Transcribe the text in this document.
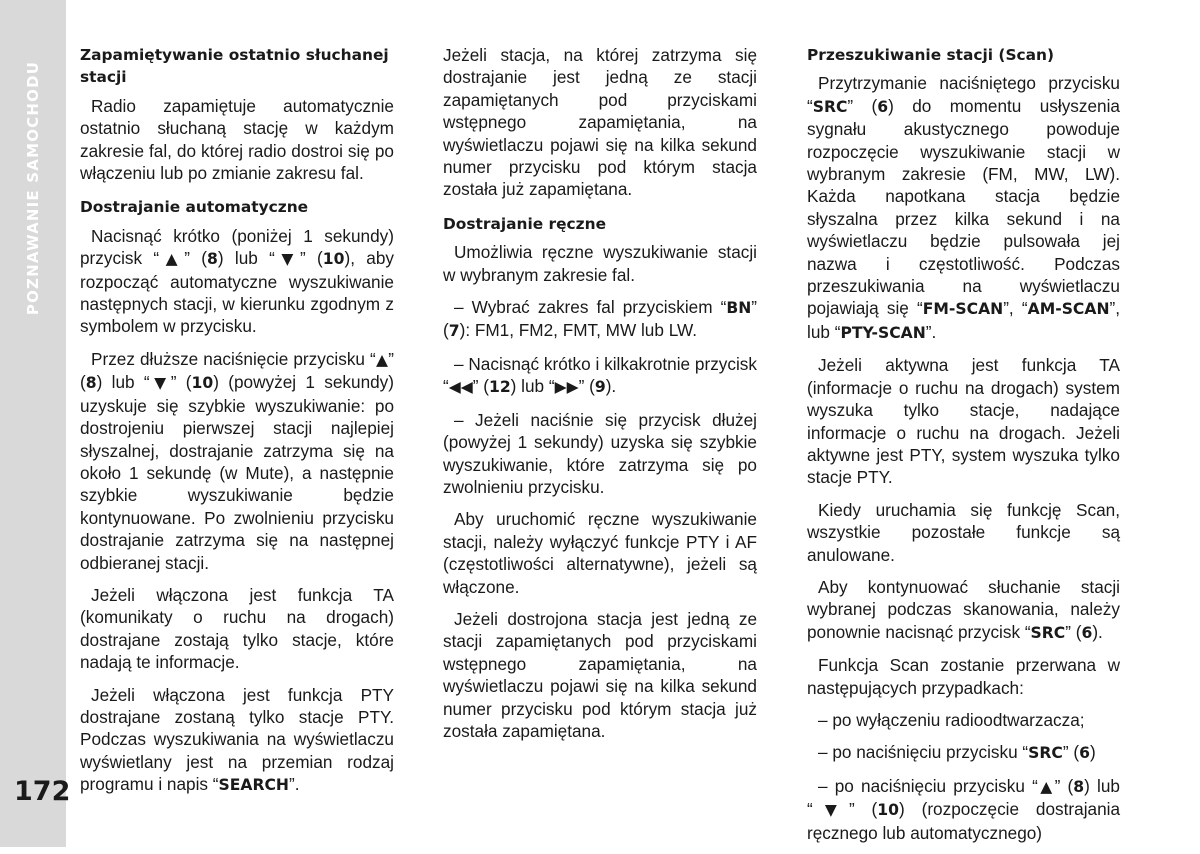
POZNAWANIE SAMOCHODU
172
Zapamiętywanie ostatnio słuchanej stacji

Radio zapamiętuje automatycznie ostatnio słuchaną stację w każdym zakresie fal, do której radio dostroi się po włączeniu lub po zmianie zakresu fal.

Dostrajanie automatyczne

Nacisnąć krótko (poniżej 1 sekundy) przycisk “▲” (8) lub “▼” (10), aby rozpocząć automatyczne wyszukiwanie następnych stacji, w kierunku zgodnym z symbolem w przycisku.

Przez dłuższe naciśnięcie przycisku “▲” (8) lub “▼” (10) (powyżej 1 sekundy) uzyskuje się szybkie wyszukiwanie: po dostrojeniu pierwszej stacji najlepiej słyszalnej, dostrajanie zatrzyma się na około 1 sekundę (w Mute), a następnie szybkie wyszukiwanie będzie kontynuowane. Po zwolnieniu przycisku dostrajanie zatrzyma się na następnej odbieranej stacji.

Jeżeli włączona jest funkcja TA (komunikaty o ruchu na drogach) dostrajane zostają tylko stacje, które nadają te informacje.

Jeżeli włączona jest funkcja PTY dostrajane zostaną tylko stacje PTY. Podczas wyszukiwania na wyświetlaczu wyświetlany jest na przemian rodzaj programu i napis “SEARCH”.

Jeżeli stacja, na której zatrzyma się dostrajanie jest jedną ze stacji zapamiętanych pod przyciskami wstępnego zapamiętania, na wyświetlaczu pojawi się na kilka sekund numer przycisku pod którym stacja została już zapamiętana.

Dostrajanie ręczne

Umożliwia ręczne wyszukiwanie stacji w wybranym zakresie fal.

– Wybrać zakres fal przyciskiem “BN” (7): FM1, FM2, FMT, MW lub LW.

– Nacisnąć krótko i kilkakrotnie przycisk “◀◀” (12) lub “▶▶” (9).

– Jeżeli naciśnie się przycisk dłużej (powyżej 1 sekundy) uzyska się szybkie wyszukiwanie, które zatrzyma się po zwolnieniu przycisku.

Aby uruchomić ręczne wyszukiwanie stacji, należy wyłączyć funkcje PTY i AF (częstotliwości alternatywne), jeżeli są włączone.

Jeżeli dostrojona stacja jest jedną ze stacji zapamiętanych pod przyciskami wstępnego zapamiętania, na wyświetlaczu pojawi się na kilka sekund numer przycisku pod którym stacja już została zapamiętana.

Przeszukiwanie stacji (Scan)

Przytrzymanie naciśniętego przycisku “SRC” (6) do momentu usłyszenia sygnału akustycznego powoduje rozpoczęcie wyszukiwanie stacji w wybranym zakresie (FM, MW, LW). Każda napotkana stacja będzie słyszalna przez kilka sekund i na wyświetlaczu będzie pulsowała jej nazwa i częstotliwość. Podczas przeszukiwania na wyświetlaczu pojawiają się “FM-SCAN”, “AM-SCAN”, lub “PTY-SCAN”.

Jeżeli aktywna jest funkcja TA (informacje o ruchu na drogach) system wyszuka tylko stacje, nadające informacje o ruchu na drogach. Jeżeli aktywne jest PTY, system wyszuka tylko stacje PTY.

Kiedy uruchamia się funkcję Scan, wszystkie pozostałe funkcje są anulowane.

Aby kontynuować słuchanie stacji wybranej podczas skanowania, należy ponownie nacisnąć przycisk “SRC” (6).

Funkcja Scan zostanie przerwana w następujących przypadkach:

– po wyłączeniu radioodtwarzacza;

– po naciśnięciu przycisku “SRC” (6)

– po naciśnięciu przycisku “▲” (8) lub “▼” (10) (rozpoczęcie dostrajania ręcznego lub automatycznego)
